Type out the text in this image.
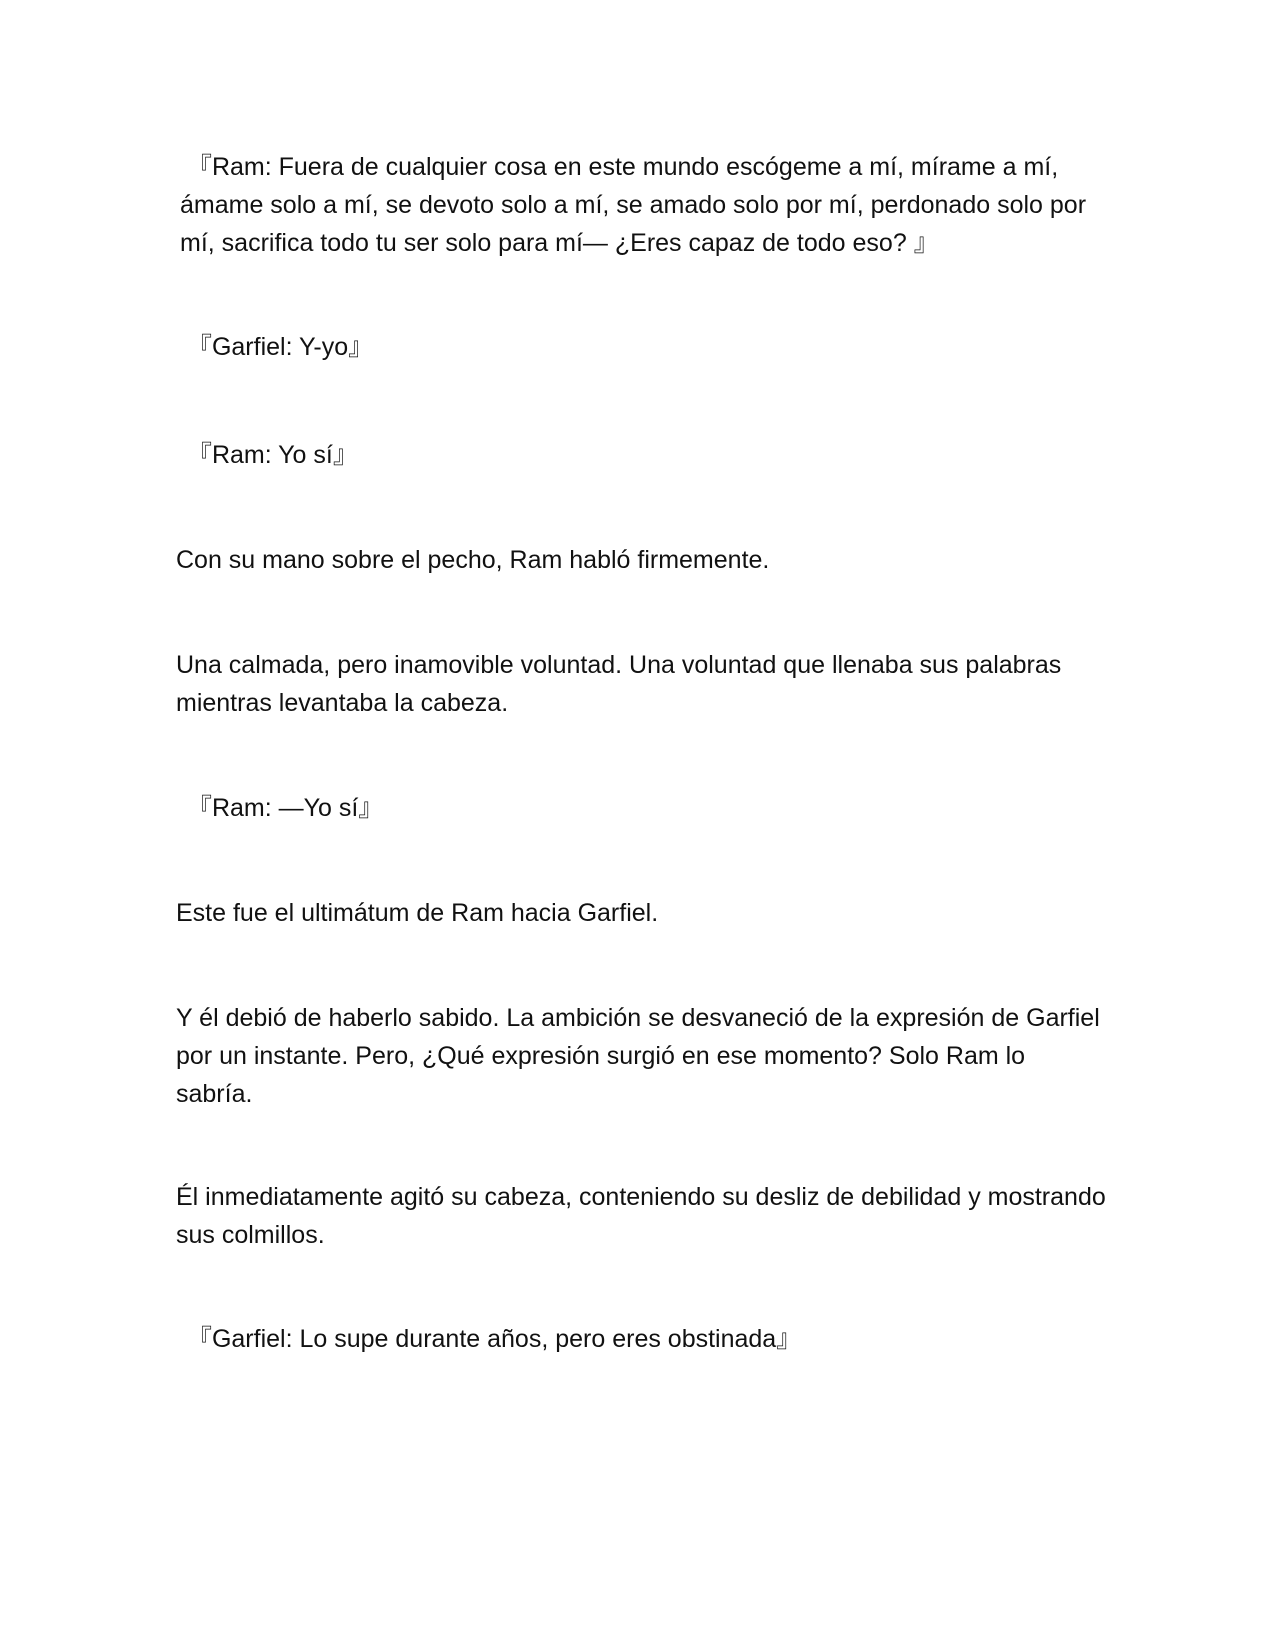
『Ram: Fuera de cualquier cosa en este mundo escógeme a mí, mírame a mí, ámame solo a mí, se devoto solo a mí, se amado solo por mí, perdonado solo por mí, sacrifica todo tu ser solo para mí— ¿Eres capaz de todo eso? 』

『Garfiel: Y-yo』

『Ram: Yo sí』

Con su mano sobre el pecho, Ram habló firmemente.

Una calmada, pero inamovible voluntad. Una voluntad que llenaba sus palabras mientras levantaba la cabeza.

『Ram: —Yo sí』

Este fue el ultimátum de Ram hacia Garfiel.

Y él debió de haberlo sabido. La ambición se desvaneció de la expresión de Garfiel por un instante. Pero, ¿Qué expresión surgió en ese momento? Solo Ram lo sabría.

Él inmediatamente agitó su cabeza, conteniendo su desliz de debilidad y mostrando sus colmillos.

『Garfiel: Lo supe durante años, pero eres obstinada』
